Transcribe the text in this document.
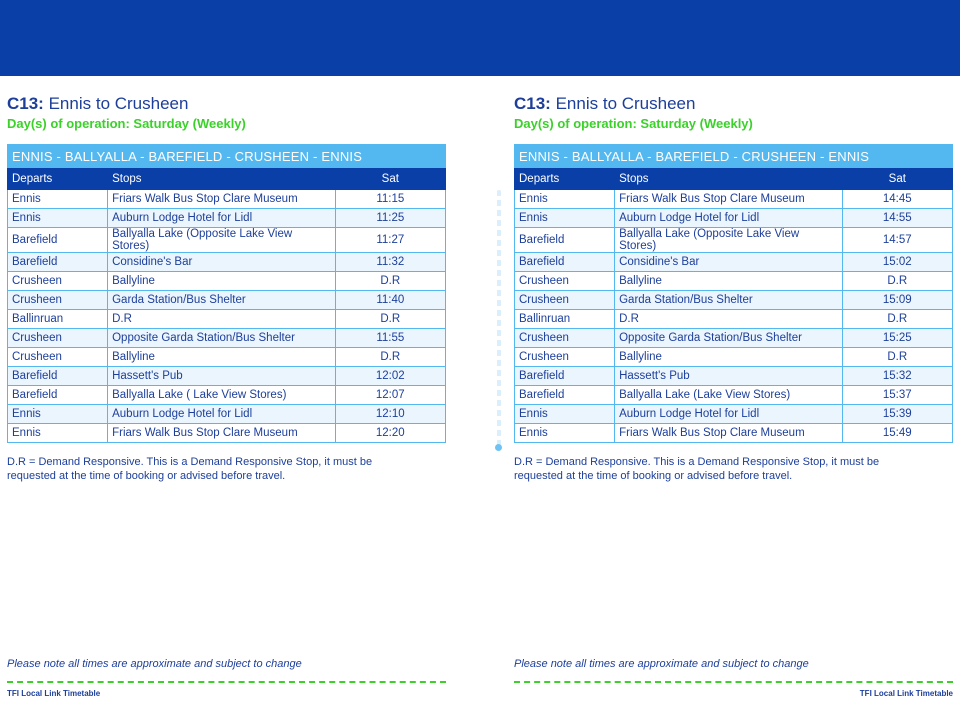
C13: Ennis to Crusheen
Day(s) of operation: Saturday (Weekly)
ENNIS - BALLYALLA - BAREFIELD - CRUSHEEN - ENNIS		
Departs	Stops	Sat
Ennis	Friars Walk Bus Stop Clare Museum	11:15
Ennis	Auburn Lodge Hotel for Lidl	11:25
Barefield	Ballyalla Lake (Opposite Lake View Stores)	11:27
Barefield	Considine's Bar	11:32
Crusheen	Ballyline	D.R
Crusheen	Garda Station/Bus Shelter	11:40
Ballinruan	D.R	D.R
Crusheen	Opposite Garda Station/Bus Shelter	11:55
Crusheen	Ballyline	D.R
Barefield	Hassett's Pub	12:02
Barefield	Ballyalla Lake ( Lake View Stores)	12:07
Ennis	Auburn Lodge Hotel for Lidl	12:10
Ennis	Friars Walk Bus Stop Clare Museum	12:20
D.R = Demand Responsive. This is a Demand Responsive Stop, it must be requested at the time of booking or advised before travel.
Please note all times are approximate and subject to change
TFI Local Link Timetable
C13: Ennis to Crusheen
Day(s) of operation: Saturday (Weekly)
ENNIS - BALLYALLA - BAREFIELD - CRUSHEEN - ENNIS		
Departs	Stops	Sat
Ennis	Friars Walk Bus Stop Clare Museum	14:45
Ennis	Auburn Lodge Hotel for Lidl	14:55
Barefield	Ballyalla Lake (Opposite Lake View Stores)	14:57
Barefield	Considine's Bar	15:02
Crusheen	Ballyline	D.R
Crusheen	Garda Station/Bus Shelter	15:09
Ballinruan	D.R	D.R
Crusheen	Opposite Garda Station/Bus Shelter	15:25
Crusheen	Ballyline	D.R
Barefield	Hassett's Pub	15:32
Barefield	Ballyalla Lake (Lake View Stores)	15:37
Ennis	Auburn Lodge Hotel for Lidl	15:39
Ennis	Friars Walk Bus Stop Clare Museum	15:49
D.R = Demand Responsive. This is a Demand Responsive Stop, it must be requested at the time of booking or advised before travel.
Please note all times are approximate and subject to change
TFI Local Link Timetable
